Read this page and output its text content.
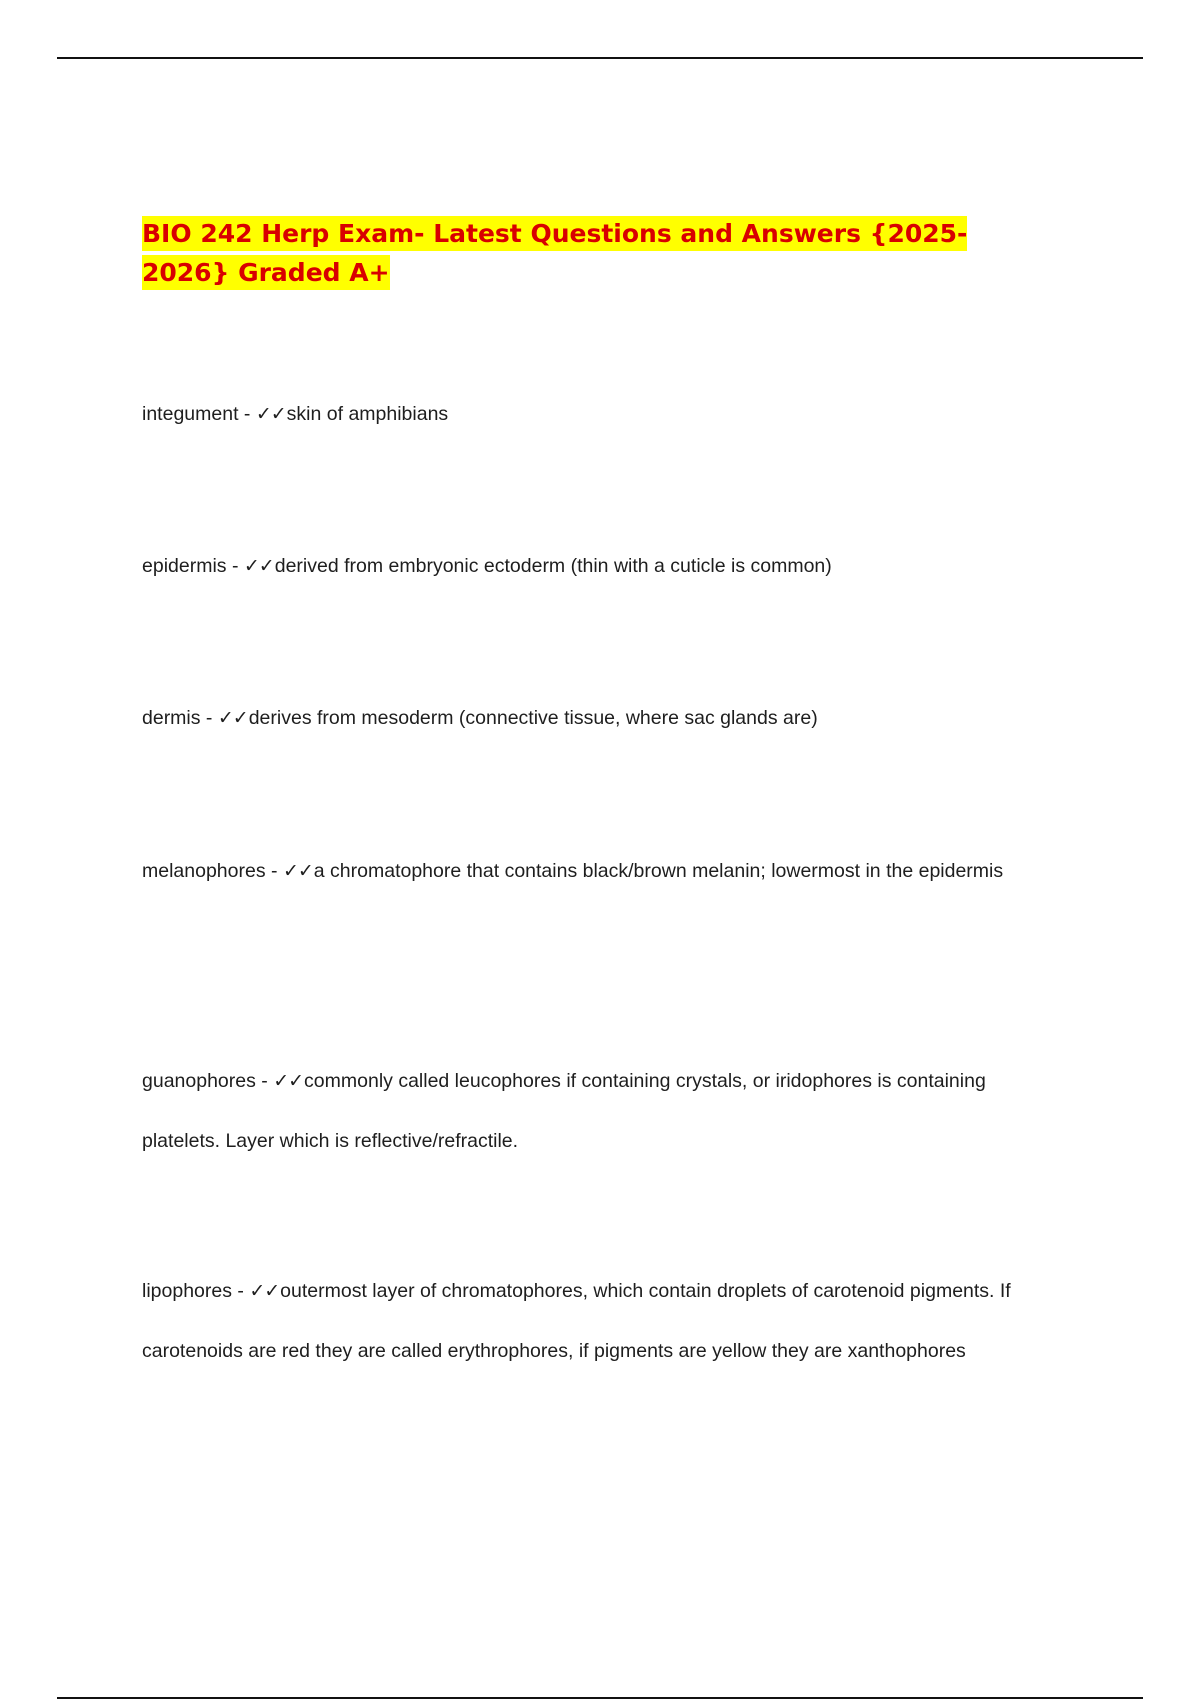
BIO 242 Herp Exam- Latest Questions and Answers {2025-2026} Graded A+

integument - ✓✓skin of amphibians

epidermis - ✓✓derived from embryonic ectoderm (thin with a cuticle is common)

dermis - ✓✓derives from mesoderm (connective tissue, where sac glands are)

melanophores - ✓✓a chromatophore that contains black/brown melanin; lowermost in the epidermis

guanophores - ✓✓commonly called leucophores if containing crystals, or iridophores is containing platelets. Layer which is reflective/refractile.

lipophores - ✓✓outermost layer of chromatophores, which contain droplets of carotenoid pigments. If carotenoids are red they are called erythrophores, if pigments are yellow they are xanthophores
